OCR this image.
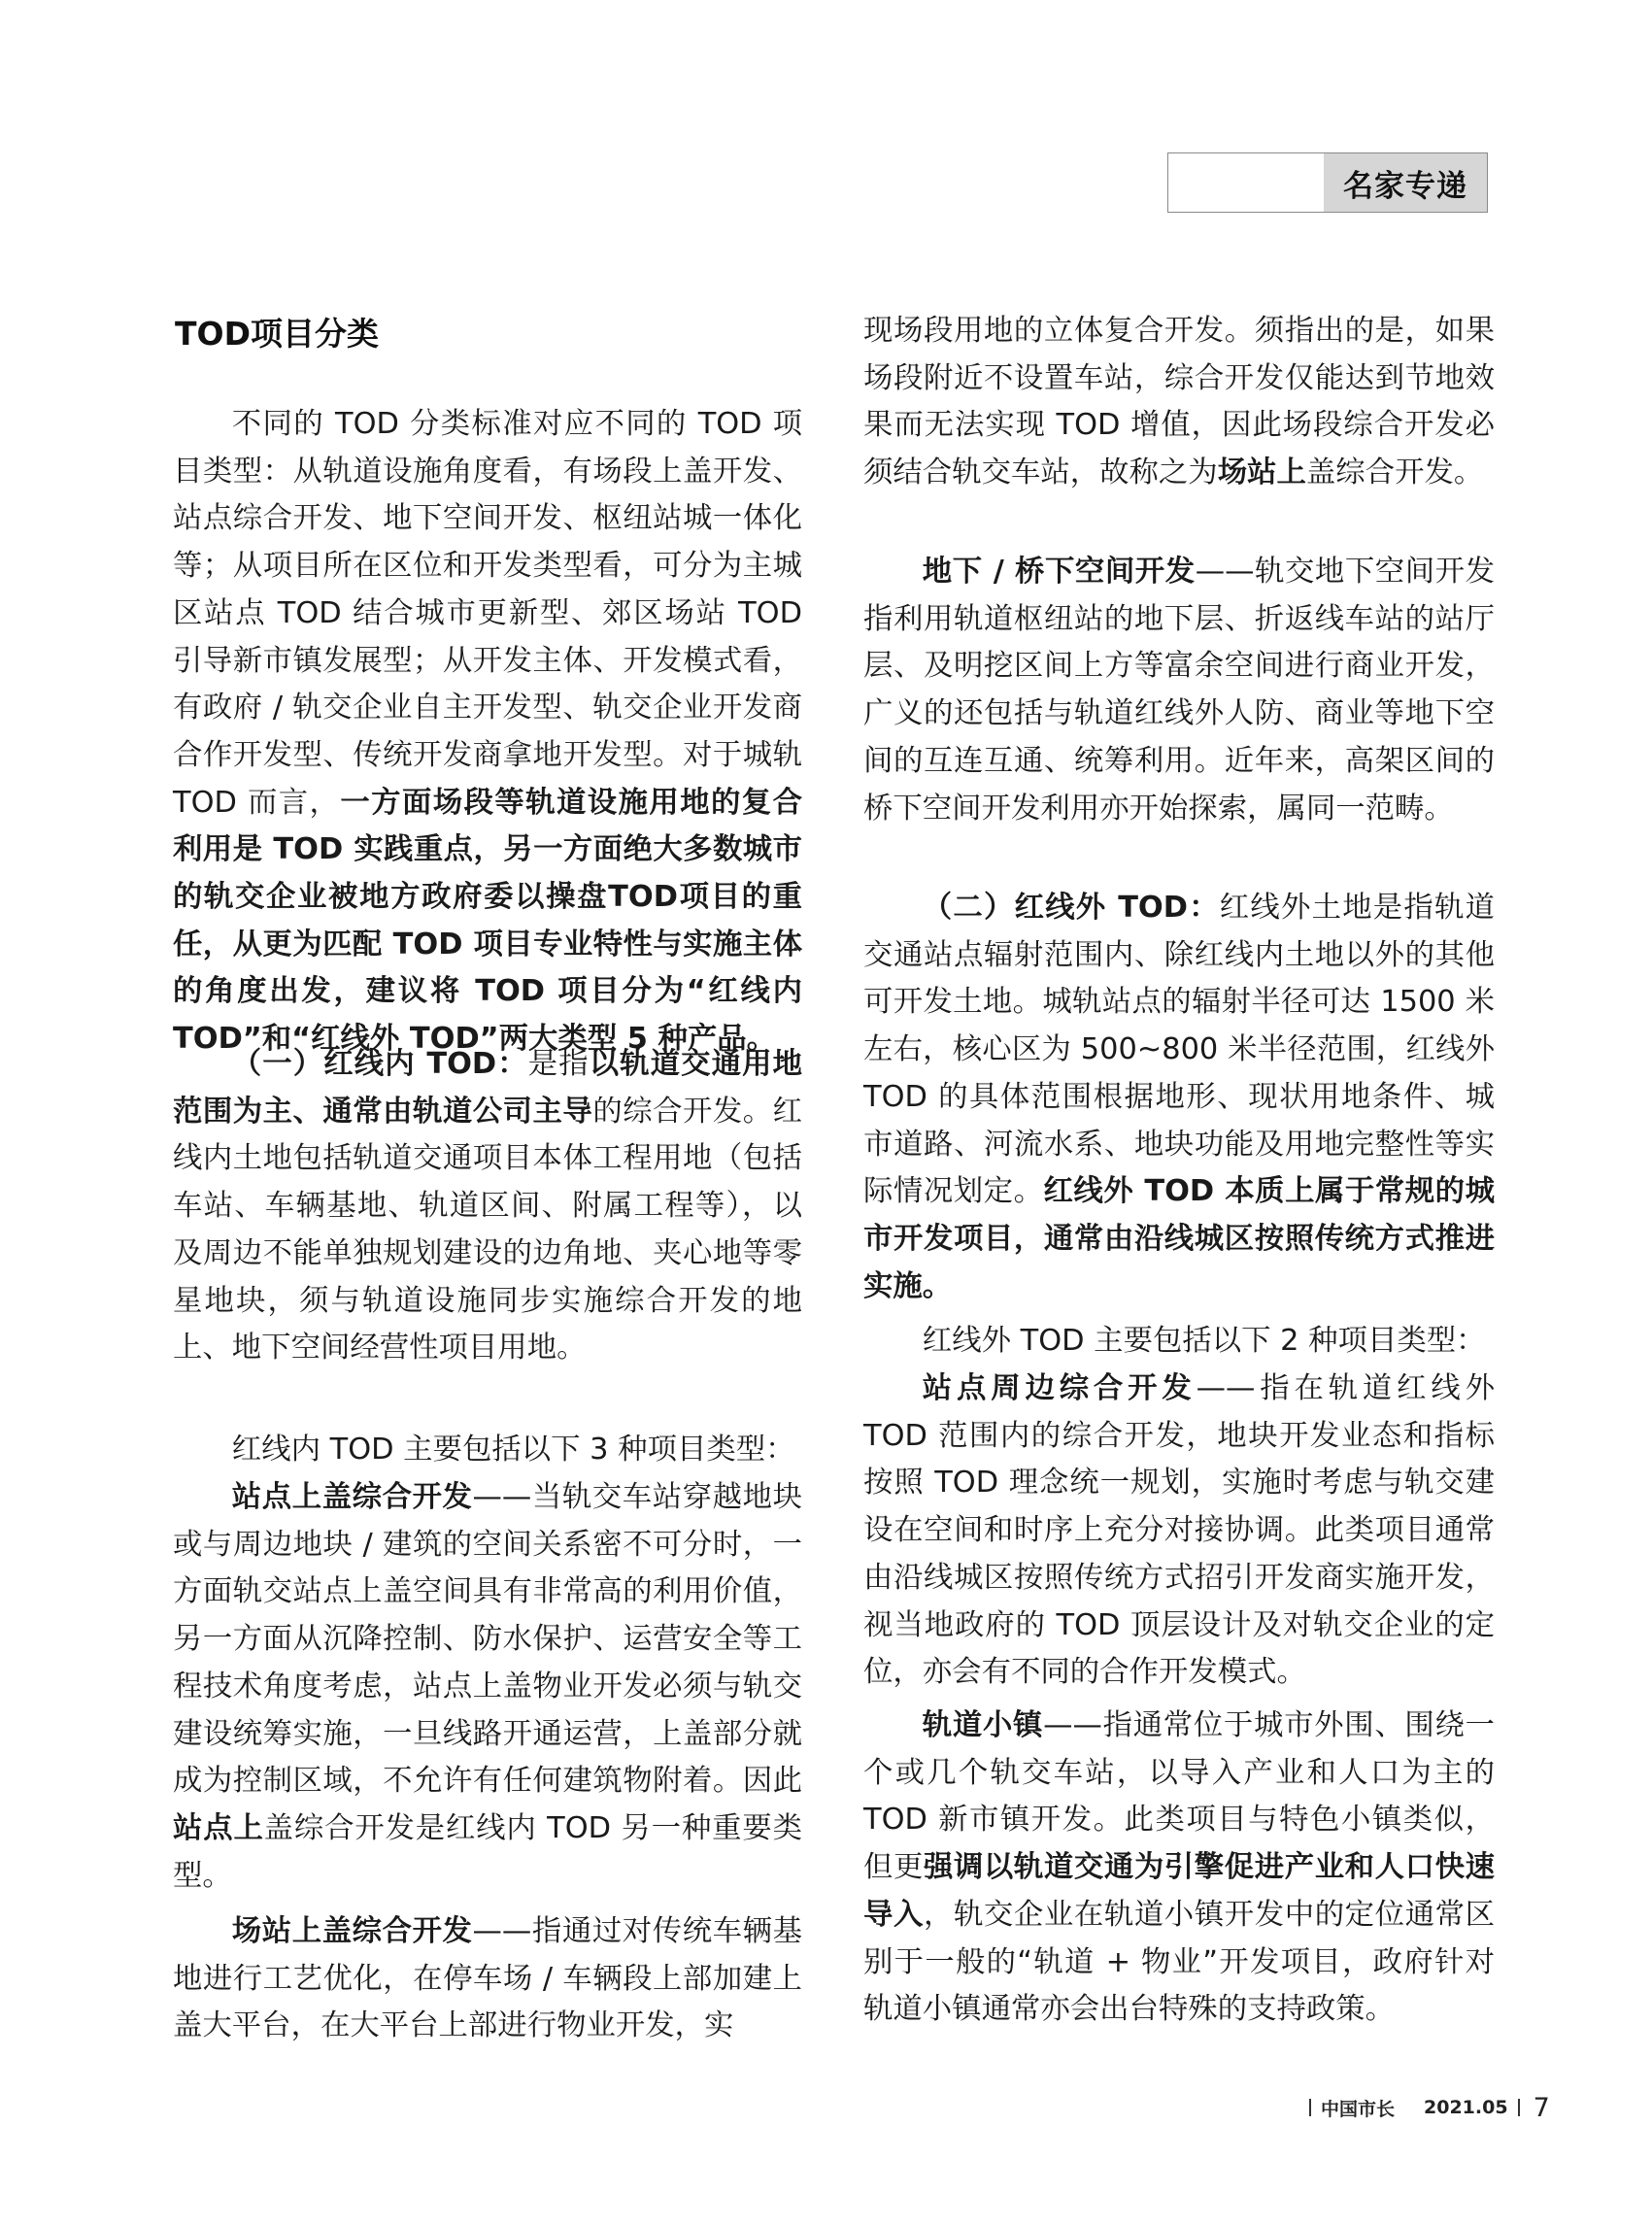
名家专递
TOD项目分类

不同的 TOD 分类标准对应不同的 TOD 项目类型：从轨道设施角度看，有场段上盖开发、站点综合开发、地下空间开发、枢纽站城一体化等；从项目所在区位和开发类型看，可分为主城区站点 TOD 结合城市更新型、郊区场站 TOD 引导新市镇发展型；从开发主体、开发模式看，有政府 / 轨交企业自主开发型、轨交企业开发商合作开发型、传统开发商拿地开发型。对于城轨 TOD 而言，一方面场段等轨道设施用地的复合利用是 TOD 实践重点，另一方面绝大多数城市的轨交企业被地方政府委以操盘TOD项目的重任，从更为匹配 TOD 项目专业特性与实施主体的角度出发，建议将 TOD 项目分为“红线内 TOD”和“红线外 TOD”两大类型 5 种产品。

（一）红线内 TOD：是指以轨道交通用地范围为主、通常由轨道公司主导的综合开发。红线内土地包括轨道交通项目本体工程用地（包括车站、车辆基地、轨道区间、附属工程等），以及周边不能单独规划建设的边角地、夹心地等零星地块，须与轨道设施同步实施综合开发的地上、地下空间经营性项目用地。

红线内 TOD 主要包括以下 3 种项目类型：

站点上盖综合开发——当轨交车站穿越地块或与周边地块 / 建筑的空间关系密不可分时，一方面轨交站点上盖空间具有非常高的利用价值，另一方面从沉降控制、防水保护、运营安全等工程技术角度考虑，站点上盖物业开发必须与轨交建设统筹实施，一旦线路开通运营，上盖部分就成为控制区域，不允许有任何建筑物附着。因此站点上盖综合开发是红线内 TOD 另一种重要类型。

场站上盖综合开发——指通过对传统车辆基地进行工艺优化，在停车场 / 车辆段上部加建上盖大平台，在大平台上部进行物业开发，实

现场段用地的立体复合开发。须指出的是，如果场段附近不设置车站，综合开发仅能达到节地效果而无法实现 TOD 增值，因此场段综合开发必须结合轨交车站，故称之为场站上盖综合开发。

地下 / 桥下空间开发——轨交地下空间开发指利用轨道枢纽站的地下层、折返线车站的站厅层、及明挖区间上方等富余空间进行商业开发，广义的还包括与轨道红线外人防、商业等地下空间的互连互通、统筹利用。近年来，高架区间的桥下空间开发利用亦开始探索，属同一范畴。

（二）红线外 TOD：红线外土地是指轨道交通站点辐射范围内、除红线内土地以外的其他可开发土地。城轨站点的辐射半径可达 1500 米左右，核心区为 500~800 米半径范围，红线外 TOD 的具体范围根据地形、现状用地条件、城市道路、河流水系、地块功能及用地完整性等实际情况划定。红线外 TOD 本质上属于常规的城市开发项目，通常由沿线城区按照传统方式推进实施。

红线外 TOD 主要包括以下 2 种项目类型：

站点周边综合开发——指在轨道红线外 TOD 范围内的综合开发，地块开发业态和指标按照 TOD 理念统一规划，实施时考虑与轨交建设在空间和时序上充分对接协调。此类项目通常由沿线城区按照传统方式招引开发商实施开发，视当地政府的 TOD 顶层设计及对轨交企业的定位，亦会有不同的合作开发模式。

轨道小镇——指通常位于城市外围、围绕一个或几个轨交车站，以导入产业和人口为主的 TOD 新市镇开发。此类项目与特色小镇类似，但更强调以轨道交通为引擎促进产业和人口快速导入，轨交企业在轨道小镇开发中的定位通常区别于一般的“轨道 + 物业”开发项目，政府针对轨道小镇通常亦会出台特殊的支持政策。

中国市长 2021.05 7
